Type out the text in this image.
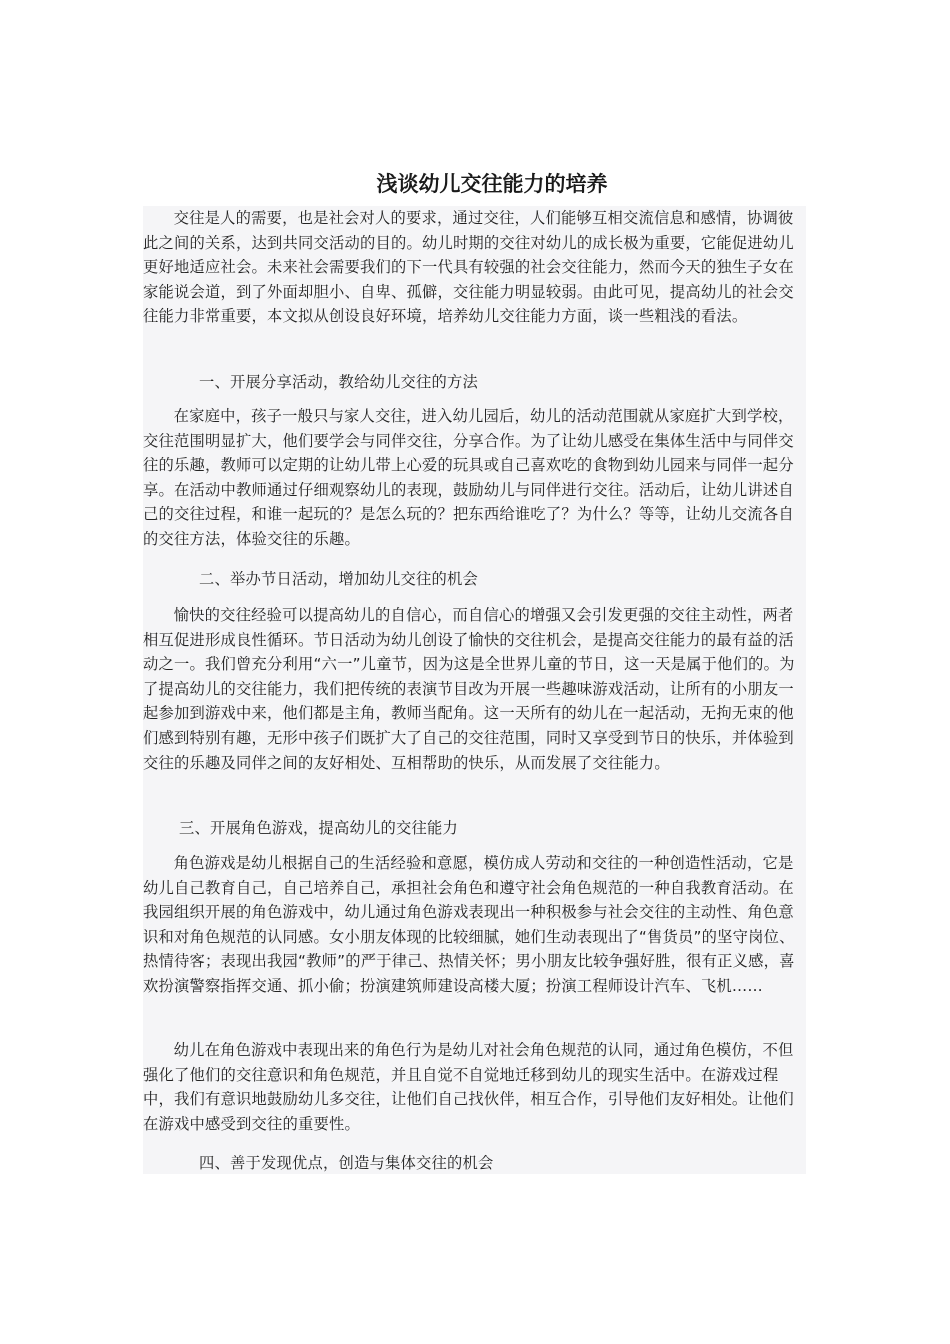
浅谈幼儿交往能力的培养

交往是人的需要，也是社会对人的要求，通过交往，人们能够互相交流信息和感情，协调彼此之间的关系，达到共同交活动的目的。幼儿时期的交往对幼儿的成长极为重要，它能促进幼儿更好地适应社会。未来社会需要我们的下一代具有较强的社会交往能力，然而今天的独生子女在家能说会道，到了外面却胆小、自卑、孤僻，交往能力明显较弱。由此可见，提高幼儿的社会交往能力非常重要，本文拟从创设良好环境，培养幼儿交往能力方面，谈一些粗浅的看法。

一、开展分享活动，教给幼儿交往的方法

在家庭中，孩子一般只与家人交往，进入幼儿园后，幼儿的活动范围就从家庭扩大到学校，交往范围明显扩大，他们要学会与同伴交往，分享合作。为了让幼儿感受在集体生活中与同伴交往的乐趣，教师可以定期的让幼儿带上心爱的玩具或自己喜欢吃的食物到幼儿园来与同伴一起分享。在活动中教师通过仔细观察幼儿的表现，鼓励幼儿与同伴进行交往。活动后，让幼儿讲述自己的交往过程，和谁一起玩的？是怎么玩的？把东西给谁吃了？为什么？等等，让幼儿交流各自的交往方法，体验交往的乐趣。

二、举办节日活动，增加幼儿交往的机会

愉快的交往经验可以提高幼儿的自信心，而自信心的增强又会引发更强的交往主动性，两者相互促进形成良性循环。节日活动为幼儿创设了愉快的交往机会，是提高交往能力的最有益的活动之一。我们曾充分利用“六一”儿童节，因为这是全世界儿童的节日，这一天是属于他们的。为了提高幼儿的交往能力，我们把传统的表演节目改为开展一些趣味游戏活动，让所有的小朋友一起参加到游戏中来，他们都是主角，教师当配角。这一天所有的幼儿在一起活动，无拘无束的他们感到特别有趣，无形中孩子们既扩大了自己的交往范围，同时又享受到节日的快乐，并体验到交往的乐趣及同伴之间的友好相处、互相帮助的快乐，从而发展了交往能力。

三、开展角色游戏，提高幼儿的交往能力

角色游戏是幼儿根据自己的生活经验和意愿，模仿成人劳动和交往的一种创造性活动，它是幼儿自己教育自己，自己培养自己，承担社会角色和遵守社会角色规范的一种自我教育活动。在我园组织开展的角色游戏中，幼儿通过角色游戏表现出一种积极参与社会交往的主动性、角色意识和对角色规范的认同感。女小朋友体现的比较细腻，她们生动表现出了“售货员”的坚守岗位、热情待客；表现出我园“教师”的严于律己、热情关怀；男小朋友比较争强好胜，很有正义感，喜欢扮演警察指挥交通、抓小偷；扮演建筑师建设高楼大厦；扮演工程师设计汽车、飞机……

幼儿在角色游戏中表现出来的角色行为是幼儿对社会角色规范的认同，通过角色模仿，不但强化了他们的交往意识和角色规范，并且自觉不自觉地迁移到幼儿的现实生活中。在游戏过程中，我们有意识地鼓励幼儿多交往，让他们自己找伙伴，相互合作，引导他们友好相处。让他们在游戏中感受到交往的重要性。

四、善于发现优点，创造与集体交往的机会
